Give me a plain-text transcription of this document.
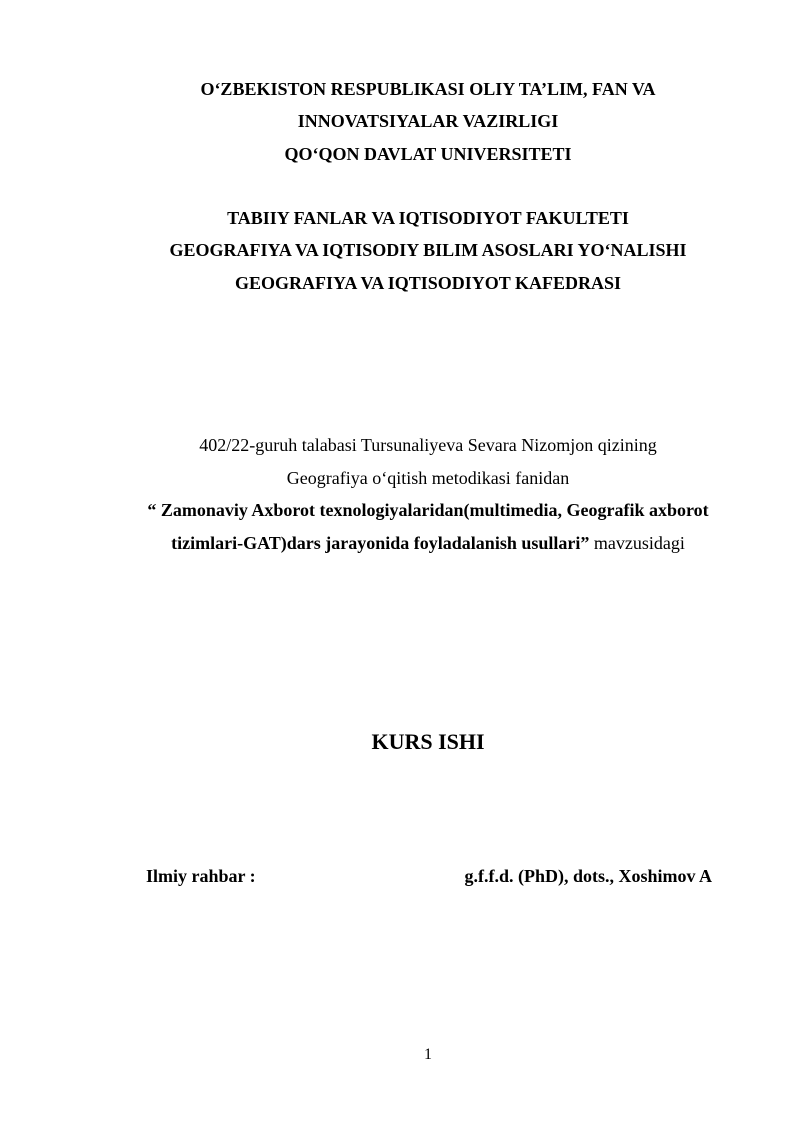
O‘ZBEKISTON RESPUBLIKASI OLIY TA’LIM, FAN VA
INNOVATSIYALAR VAZIRLIGI
QO‘QON DAVLAT UNIVERSITETI
TABIIY FANLAR VA IQTISODIYOT FAKULTETI
GEOGRAFIYA VA IQTISODIY BILIM ASOSLARI YO‘NALISHI
GEOGRAFIYA VA IQTISODIYOT KAFEDRASI
402/22-guruh talabasi Tursunaliyeva Sevara Nizomjon qizining
Geografiya o‘qitish metodikasi fanidan
“ Zamonaviy Axborot texnologiyalaridan(multimedia, Geografik axborot
tizimlari-GAT)dars jarayonida foyladalanish usullari” mavzusidagi
KURS ISHI
Ilmiy rahbar :	g.f.f.d. (PhD), dots., Xoshimov A
1
